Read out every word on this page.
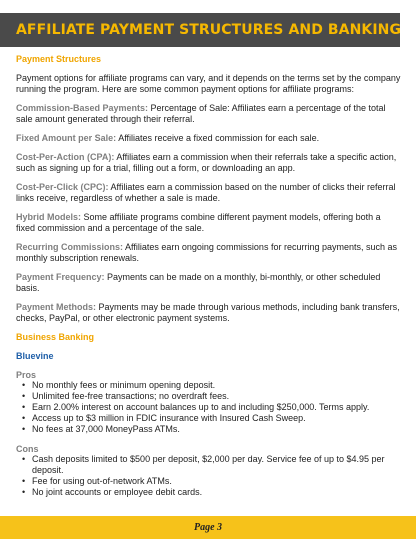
AFFILIATE PAYMENT STRUCTURES AND BANKING
Payment Structures

Payment options for affiliate programs can vary, and it depends on the terms set by the company running the program. Here are some common payment options for affiliate programs:

Commission-Based Payments: Percentage of Sale: Affiliates earn a percentage of the total sale amount generated through their referral.

Fixed Amount per Sale: Affiliates receive a fixed commission for each sale.

Cost-Per-Action (CPA): Affiliates earn a commission when their referrals take a specific action, such as signing up for a trial, filling out a form, or downloading an app.

Cost-Per-Click (CPC): Affiliates earn a commission based on the number of clicks their referral links receive, regardless of whether a sale is made.

Hybrid Models: Some affiliate programs combine different payment models, offering both a fixed commission and a percentage of the sale.

Recurring Commissions: Affiliates earn ongoing commissions for recurring payments, such as monthly subscription renewals.

Payment Frequency: Payments can be made on a monthly, bi-monthly, or other scheduled basis.

Payment Methods: Payments may be made through various methods, including bank transfers, checks, PayPal, or other electronic payment systems.

Business Banking
Bluevine
Pros
• No monthly fees or minimum opening deposit.
• Unlimited fee-free transactions; no overdraft fees.
• Earn 2.00% interest on account balances up to and including $250,000. Terms apply.
• Access up to $3 million in FDIC insurance with Insured Cash Sweep.
• No fees at 37,000 MoneyPass ATMs.
Cons
• Cash deposits limited to $500 per deposit, $2,000 per day. Service fee of up to $4.95 per deposit.
• Fee for using out-of-network ATMs.
• No joint accounts or employee debit cards.
Page 3
